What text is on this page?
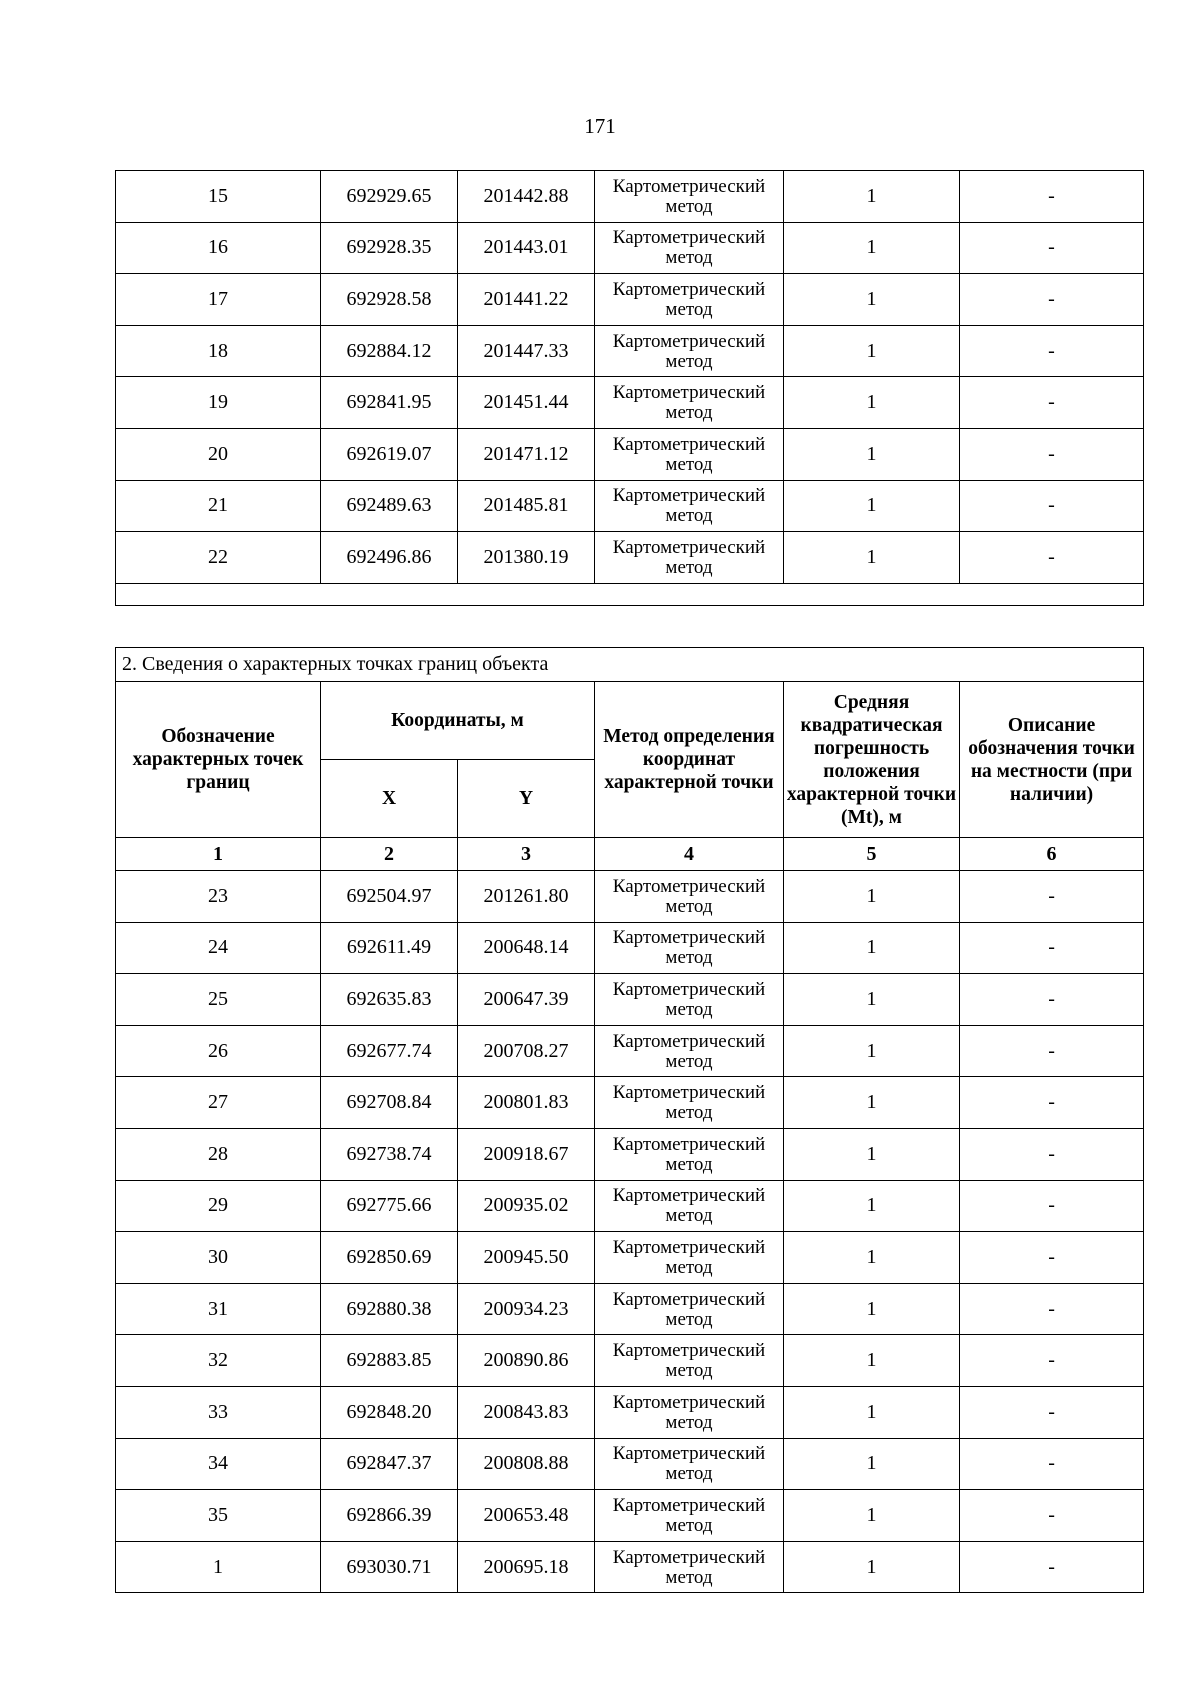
171
15	692929.65	201442.88	Картометрический метод	1	-
16	692928.35	201443.01	Картометрический метод	1	-
17	692928.58	201441.22	Картометрический метод	1	-
18	692884.12	201447.33	Картометрический метод	1	-
19	692841.95	201451.44	Картометрический метод	1	-
20	692619.07	201471.12	Картометрический метод	1	-
21	692489.63	201485.81	Картометрический метод	1	-
22	692496.86	201380.19	Картометрический метод	1	-

2. Сведения о характерных точках границ объекта					
Обозначение характерных точек границ	Координаты, м		Метод определения координат характерной точки	Средняя квадратическая погрешность положения характерной точки (Mt), м	Описание обозначения точки на местности (при наличии)
	X	Y			
1	2	3	4	5	6
23	692504.97	201261.80	Картометрический метод	1	-
24	692611.49	200648.14	Картометрический метод	1	-
25	692635.83	200647.39	Картометрический метод	1	-
26	692677.74	200708.27	Картометрический метод	1	-
27	692708.84	200801.83	Картометрический метод	1	-
28	692738.74	200918.67	Картометрический метод	1	-
29	692775.66	200935.02	Картометрический метод	1	-
30	692850.69	200945.50	Картометрический метод	1	-
31	692880.38	200934.23	Картометрический метод	1	-
32	692883.85	200890.86	Картометрический метод	1	-
33	692848.20	200843.83	Картометрический метод	1	-
34	692847.37	200808.88	Картометрический метод	1	-
35	692866.39	200653.48	Картометрический метод	1	-
1	693030.71	200695.18	Картометрический метод	1	-
